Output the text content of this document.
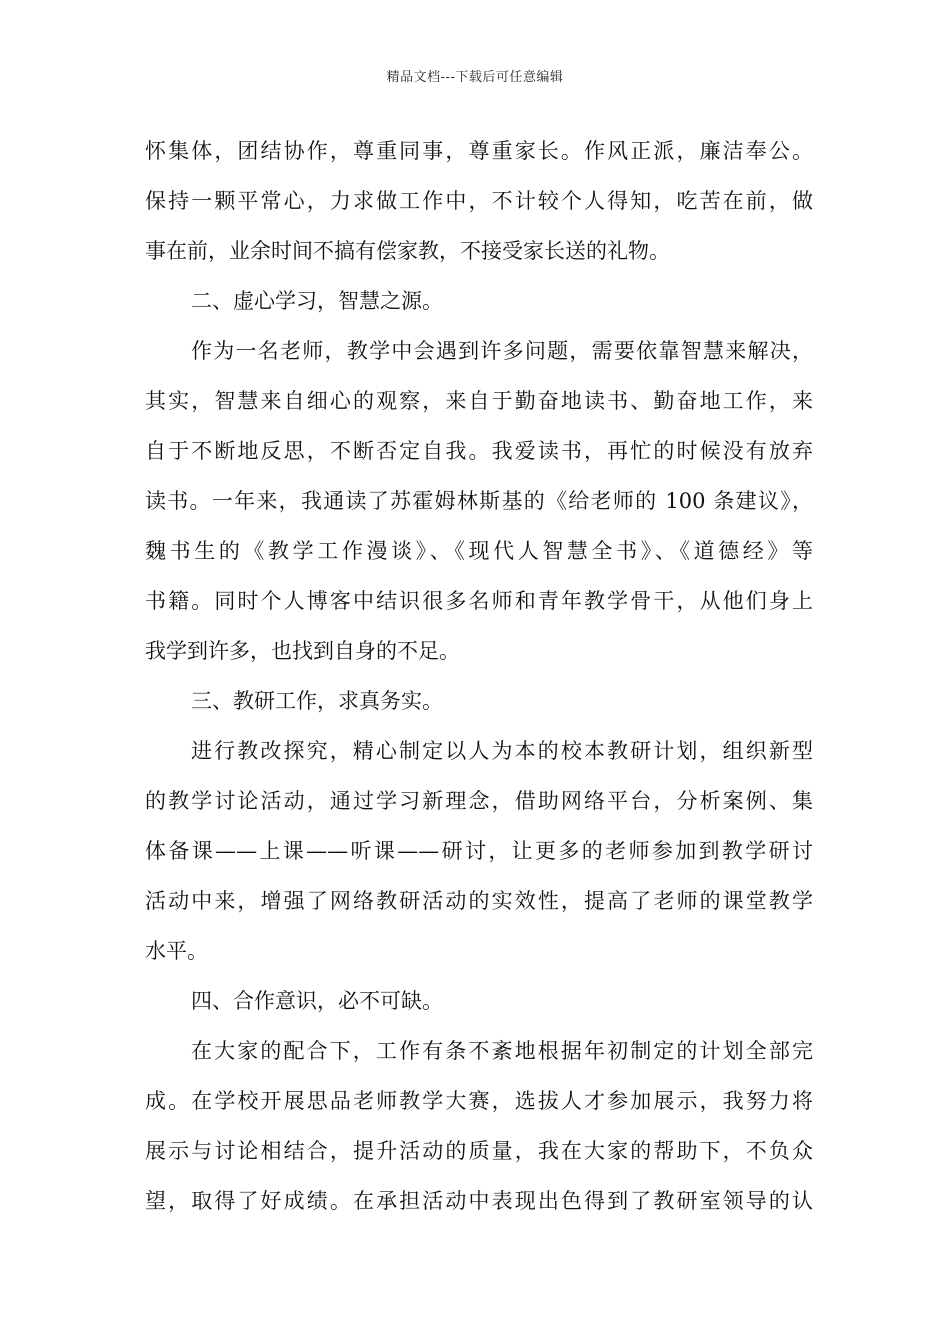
精品文档---下载后可任意编辑
怀集体，团结协作，尊重同事，尊重家长。作风正派，廉洁奉公。
保持一颗平常心，力求做工作中，不计较个人得知，吃苦在前，做
事在前，业余时间不搞有偿家教，不接受家长送的礼物。
二、虚心学习，智慧之源。
作为一名老师，教学中会遇到许多问题，需要依靠智慧来解决，
其实，智慧来自细心的观察，来自于勤奋地读书、勤奋地工作，来
自于不断地反思，不断否定自我。我爱读书，再忙的时候没有放弃
读书。一年来，我通读了苏霍姆林斯基的《给老师的 100 条建议》，
魏书生的《教学工作漫谈》、《现代人智慧全书》、《道德经》等
书籍。同时个人博客中结识很多名师和青年教学骨干，从他们身上
我学到许多，也找到自身的不足。
三、教研工作，求真务实。
进行教改探究，精心制定以人为本的校本教研计划，组织新型
的教学讨论活动，通过学习新理念，借助网络平台，分析案例、集
体备课——上课——听课——研讨，让更多的老师参加到教学研讨
活动中来，增强了网络教研活动的实效性，提高了老师的课堂教学
水平。
四、合作意识，必不可缺。
在大家的配合下，工作有条不紊地根据年初制定的计划全部完
成。在学校开展思品老师教学大赛，选拔人才参加展示，我努力将
展示与讨论相结合，提升活动的质量，我在大家的帮助下，不负众
望，取得了好成绩。在承担活动中表现出色得到了教研室领导的认
